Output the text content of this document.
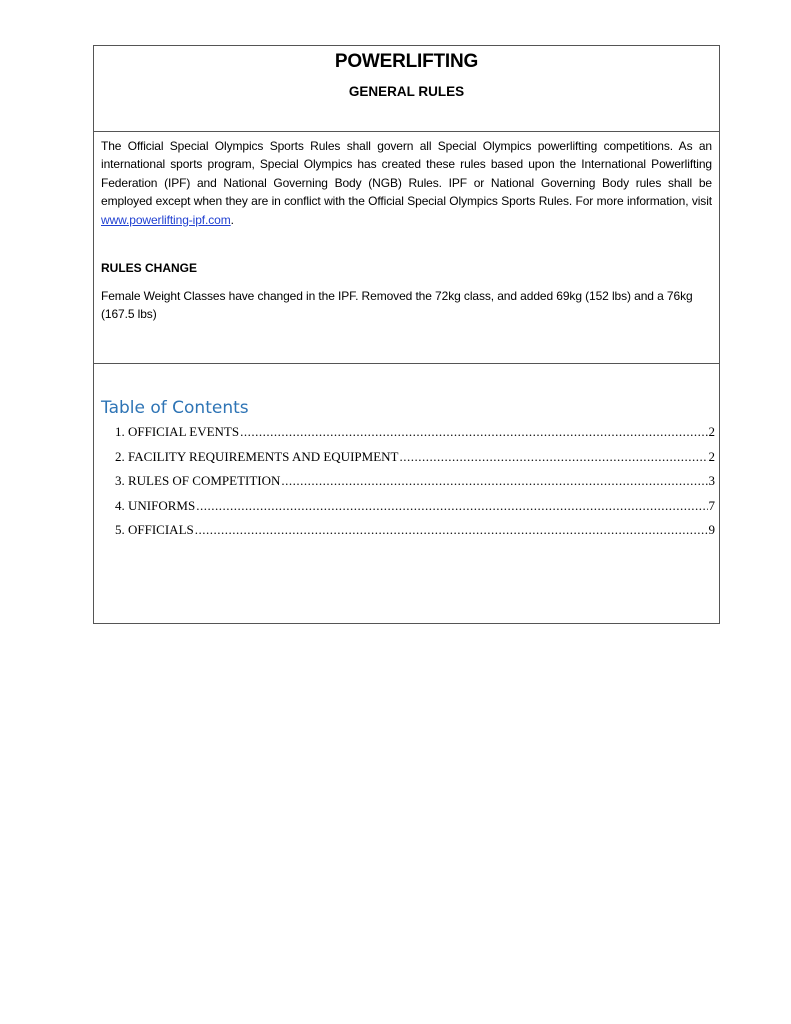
POWERLIFTING
GENERAL RULES

The Official Special Olympics Sports Rules shall govern all Special Olympics powerlifting competitions. As an international sports program, Special Olympics has created these rules based upon the International Powerlifting Federation (IPF) and National Governing Body (NGB) Rules. IPF or National Governing Body rules shall be employed except when they are in conflict with the Official Special Olympics Sports Rules. For more information, visit www.powerlifting-ipf.com.

RULES CHANGE

Female Weight Classes have changed in the IPF. Removed the 72kg class, and added 69kg (152 lbs) and a 76kg (167.5 lbs)

Table of Contents
1. OFFICIAL EVENTS .....	2
2. FACILITY REQUIREMENTS AND EQUIPMENT .....	2
3. RULES OF COMPETITION .....	3
4. UNIFORMS .....	7
5. OFFICIALS .....	9
